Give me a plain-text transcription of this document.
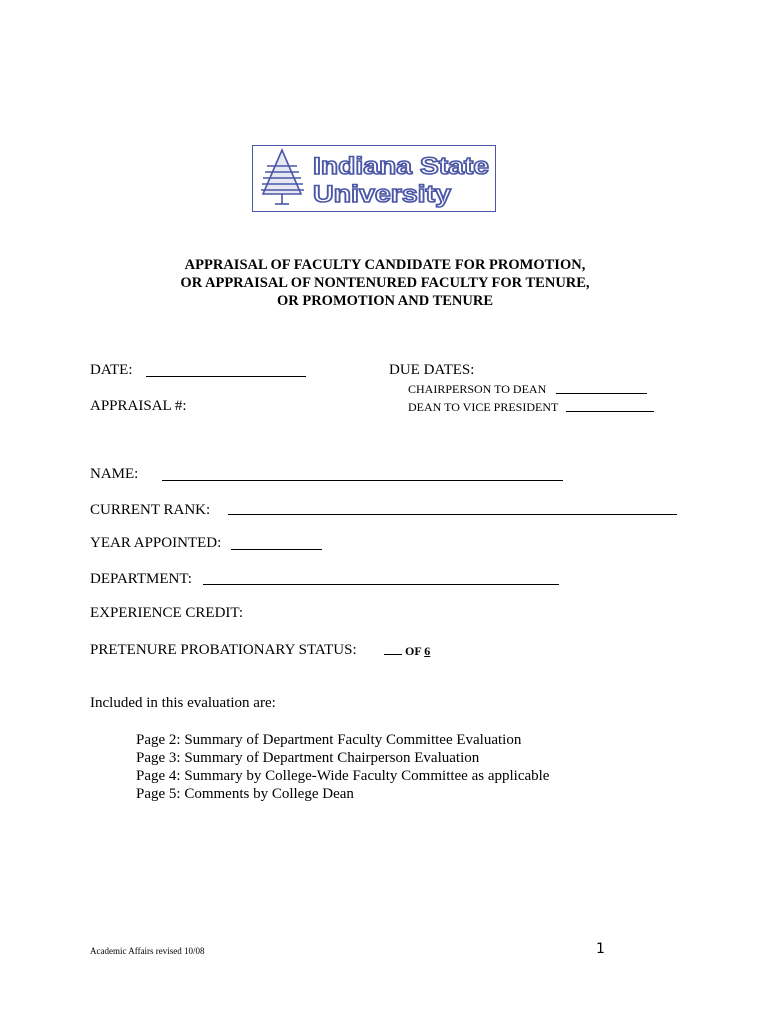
Indiana State
University
APPRAISAL OF FACULTY CANDIDATE FOR PROMOTION,
OR APPRAISAL OF NONTENURED FACULTY FOR TENURE,
OR PROMOTION AND TENURE
DATE:
APPRAISAL #:
DUE DATES:
CHAIRPERSON TO DEAN
DEAN TO VICE PRESIDENT
NAME:
CURRENT RANK:
YEAR APPOINTED:
DEPARTMENT:
EXPERIENCE CREDIT:
PRETENURE PROBATIONARY STATUS:	OF 6
Included in this evaluation are:
Page 2: Summary of Department Faculty Committee Evaluation
Page 3: Summary of Department Chairperson Evaluation
Page 4: Summary by College-Wide Faculty Committee as applicable
Page 5: Comments by College Dean
Academic Affairs revised 10/08	1
